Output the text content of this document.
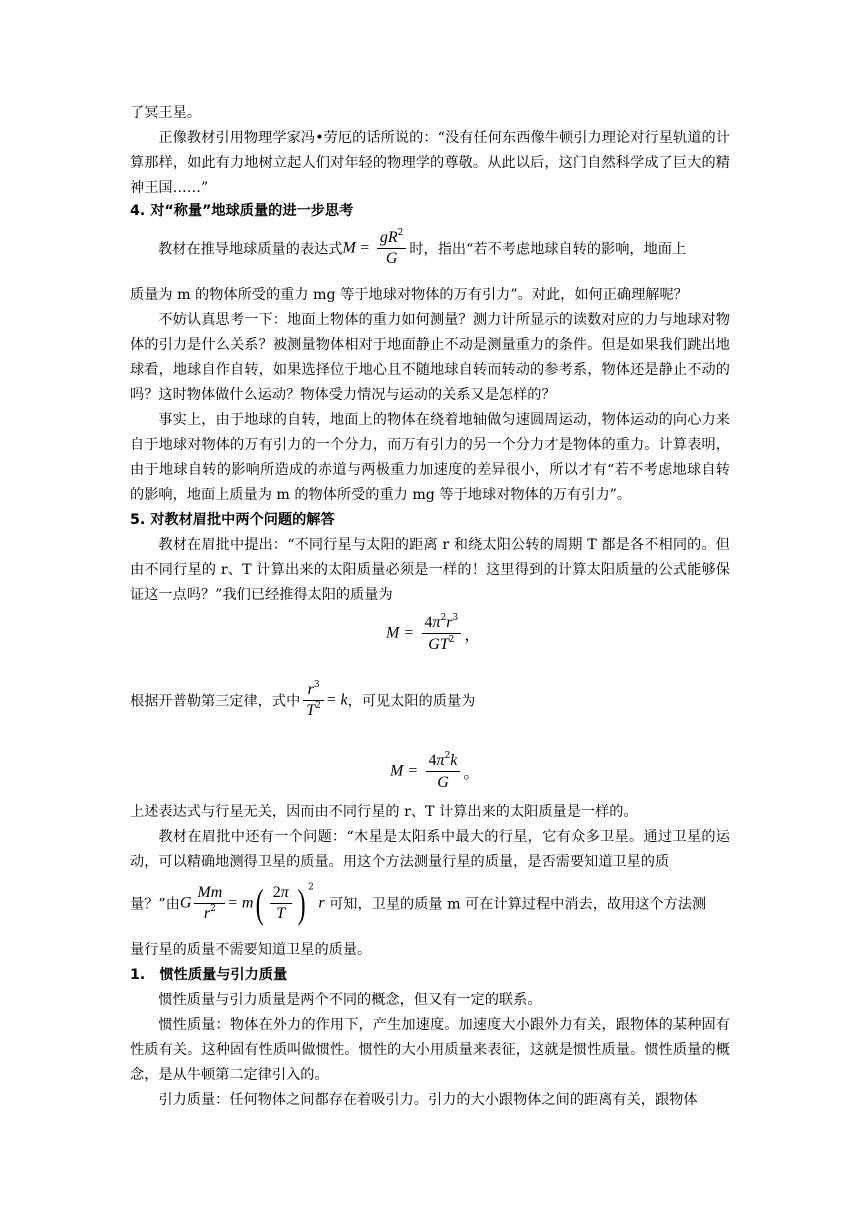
了冥王星。

正像教材引用物理学家冯•劳厄的话所说的：“没有任何东西像牛顿引力理论对行星轨道的计算那样，如此有力地树立起人们对年轻的物理学的尊敬。从此以后，这门自然科学成了巨大的精神王国……”

4. 对“称量”地球质量的进一步思考

教材在推导地球质量的表达式$M = \frac{gR^2}{G}$ 时，指出“若不考虑地球自转的影响，地面上

质量为 m 的物体所受的重力 mg 等于地球对物体的万有引力”。对此，如何正确理解呢？

不妨认真思考一下：地面上物体的重力如何测量？测力计所显示的读数对应的力与地球对物体的引力是什么关系？被测量物体相对于地面静止不动是测量重力的条件。但是如果我们跳出地球看，地球自作自转，如果选择位于地心且不随地球自转而转动的参考系，物体还是静止不动的吗？这时物体做什么运动？物体受力情况与运动的关系又是怎样的？

事实上，由于地球的自转，地面上的物体在绕着地轴做匀速圆周运动，物体运动的向心力来自于地球对物体的万有引力的一个分力，而万有引力的另一个分力才是物体的重力。计算表明，由于地球自转的影响所造成的赤道与两极重力加速度的差异很小，所以才有“若不考虑地球自转的影响，地面上质量为 m 的物体所受的重力 mg 等于地球对物体的万有引力”。

5. 对教材眉批中两个问题的解答

教材在眉批中提出：“不同行星与太阳的距离 r 和绕太阳公转的周期 T 都是各不相同的。但由不同行星的 r、T 计算出来的太阳质量必须是一样的！这里得到的计算太阳质量的公式能够保证这一点吗？”我们已经推得太阳的质量为

$M = \frac{4\pi^2r^3}{GT^2}$ ，
根据开普勒第三定律，式中 $\frac{r^3}{T^2} = k$，可见太阳的质量为
$M = \frac{4\pi^2k}{G}$ 。

上述表达式与行星无关，因而由不同行星的 r、T 计算出来的太阳质量是一样的。

教材在眉批中还有一个问题：“木星是太阳系中最大的行星，它有众多卫星。通过卫星的运动，可以精确地测得卫星的质量。用这个方法测量行星的质量，是否需要知道卫星的质

量？”由G $\frac{Mm}{r^2} = m( \frac{2\pi}{T}$ ) $^2$ r 可知，卫星的质量 m 可在计算过程中消去，故用这个方法测

量行星的质量不需要知道卫星的质量。

1.　惯性质量与引力质量

惯性质量与引力质量是两个不同的概念，但又有一定的联系。

惯性质量：物体在外力的作用下，产生加速度。加速度大小跟外力有关，跟物体的某种固有性质有关。这种固有性质叫做惯性。惯性的大小用质量来表征，这就是惯性质量。惯性质量的概念，是从牛顿第二定律引入的。

引力质量：任何物体之间都存在着吸引力。引力的大小跟物体之间的距离有关，跟物体
